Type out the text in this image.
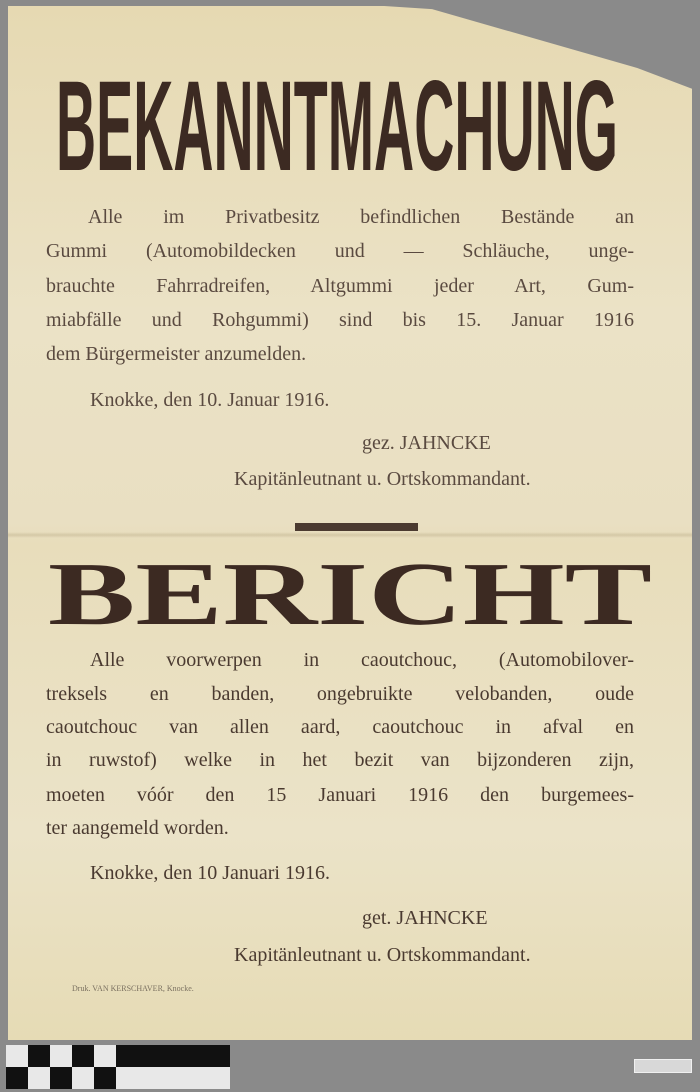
BEKANNTMACHUNG
Alle im Privatbesitz befindlichen Bestände an
Gummi (Automobildecken und — Schläuche, unge-
brauchte Fahrradreifen, Altgummi jeder Art, Gum-
miabfälle und Rohgummi) sind bis 15. Januar 1916
dem Bürgermeister anzumelden.
Knokke, den 10. Januar 1916.
gez. JAHNCKE
Kapitänleutnant u. Ortskommandant.
BERICHT
Alle voorwerpen in caoutchouc, (Automobilover-
treksels en banden, ongebruikte velobanden, oude
caoutchouc van allen aard, caoutchouc in afval en
in ruwstof) welke in het bezit van bijzonderen zijn,
moeten vóór den 15 Januari 1916 den burgemees-
ter aangemeld worden.
Knokke, den 10 Januari 1916.
get. JAHNCKE
Kapitänleutnant u. Ortskommandant.
Druk. VAN KERSCHAVER, Knocke.
